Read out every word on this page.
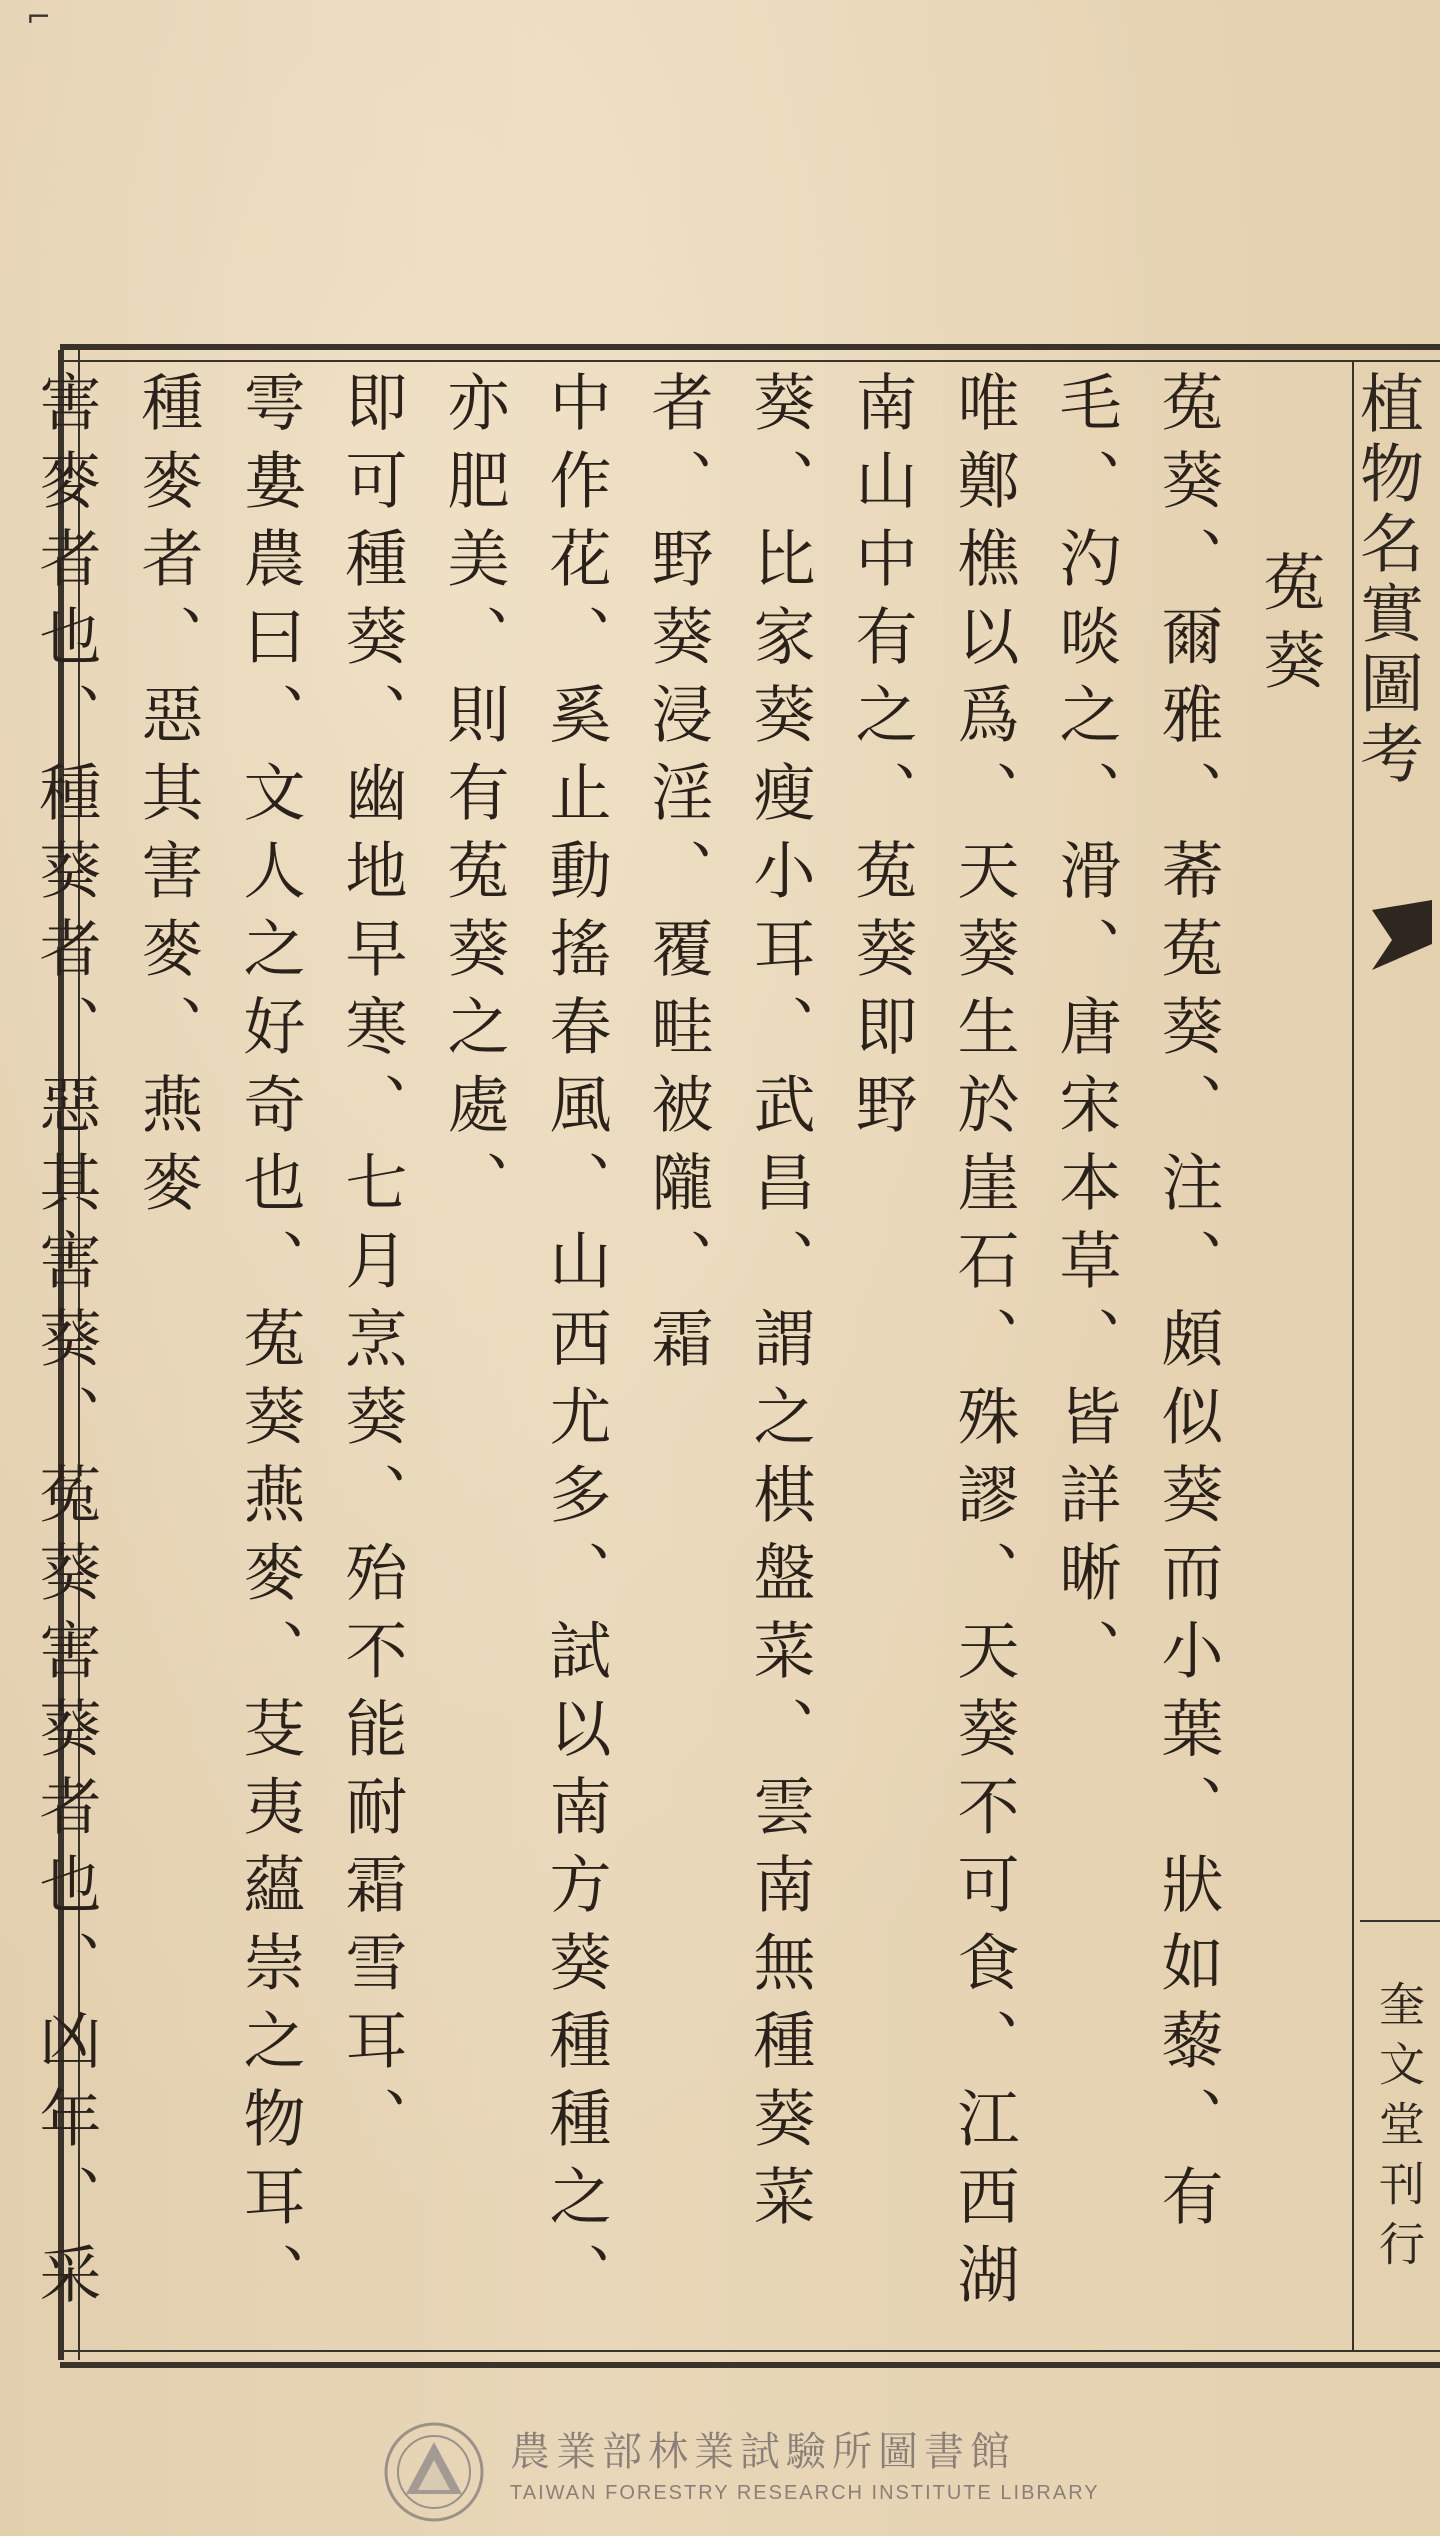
⌐
植物名實圖考
奎文堂刊行
菟葵
菟葵、爾雅、莃菟葵、注、頗似葵而小葉、狀如藜、有毛、汋啖之、滑、唐宋本草、皆詳晰、
唯鄭樵以爲、天葵生於崖石、殊謬、天葵不可食、江西湖南山中有之、菟葵即野
葵、比家葵瘦小耳、武昌、謂之棋盤菜、雲南無種葵菜者、野葵浸淫、覆畦被隴、霜
中作花、奚止動搖春風、山西尤多、試以南方葵種種之、亦肥美、則有菟葵之處、
即可種葵、幽地早寒、七月烹葵、殆不能耐霜雪耳、
雩婁農曰、文人之好奇也、菟葵燕麥、芟夷蘊崇之物耳、種麥者、惡其害麥、燕麥
害麥者也、種葵者、惡其害葵、菟葵害葵者也、凶年、采
農業部林業試驗所圖書館
TAIWAN FORESTRY RESEARCH INSTITUTE LIBRARY
